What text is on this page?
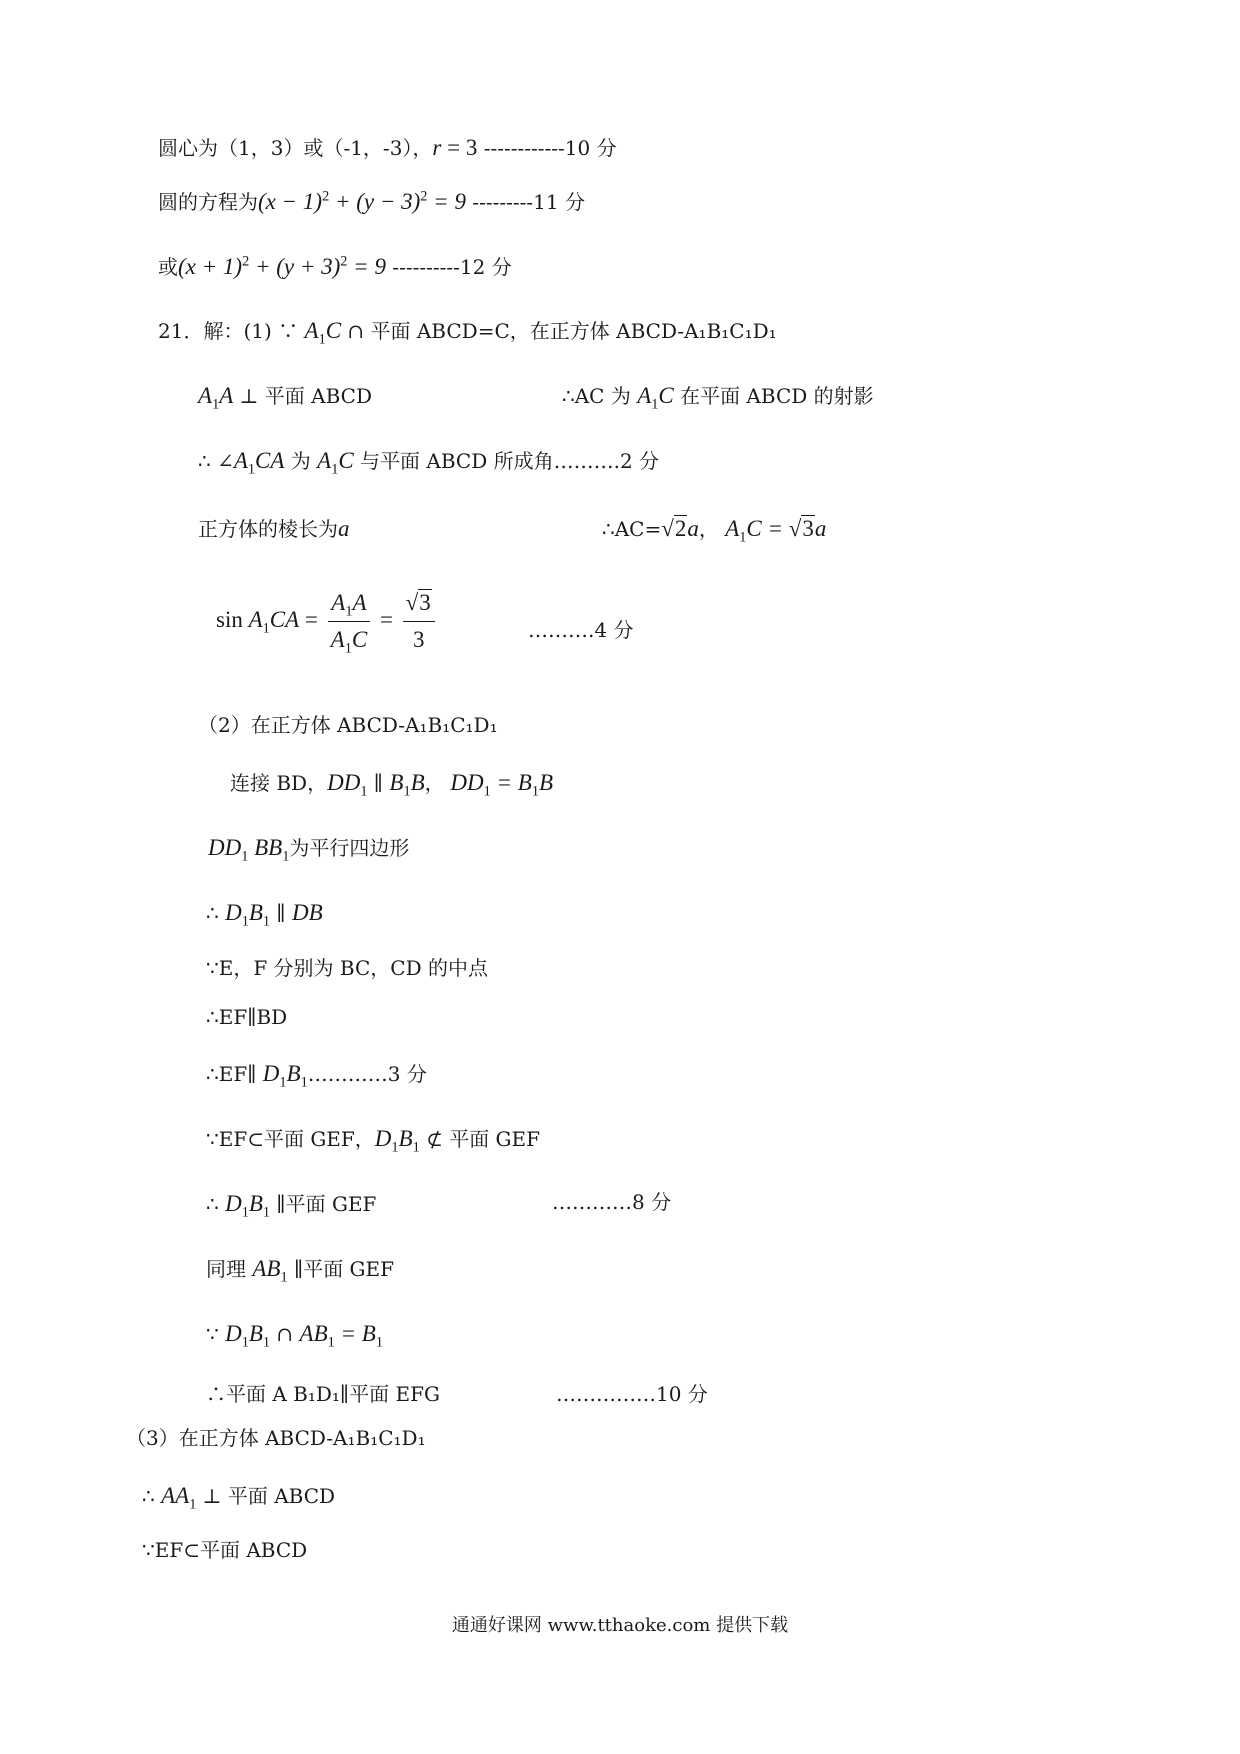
圆心为（1，3）或（-1，-3），r = 3 ------------10 分
圆的方程为$(x - 1)^2 + (y - 3)^2 = 9$ ---------11 分
或$(x + 1)^2 + (y + 3)^2 = 9$ ----------12 分
21．解：(1) ∵ $A_1C$ ∩ 平面 ABCD=C，在正方体 ABCD-A₁B₁C₁D₁
$A_1A$ ⊥ 平面 ABCD	∴AC 为 $A_1C$ 在平面 ABCD 的射影
∴ $\angle A_1CA$ 为 $A_1C$ 与平面 ABCD 所成角……….2 分
正方体的棱长为a	∴AC=√2a， $A_1C = √3a$
$\sin A_1CA = \frac{A_1A}{A_1C} = \frac{√3}{3}$	……….4 分
（2）在正方体 ABCD-A₁B₁C₁D₁
连接 BD，$DD_1$ ∥ $B_1B$， $DD_1 = B_1B$
$DD_1$ $BB_1$为平行四边形
∴ $D_1B_1$ ∥ DB
∵E，F 分别为 BC，CD 的中点
∴EF∥BD
∴EF∥ $D_1B_1\dots\dots\dots\dots 3$ 分
∵EF⊂平面 GEF，$D_1B_1$ ⊄ 平面 GEF
∴ $D_1B_1$ ∥平面 GEF	…………8 分
同理 $AB_1$ ∥平面 GEF
∵ $D_1B_1$ ∩ $AB_1 = B_1$
∴平面 A B₁D₁∥平面 EFG	……………10 分
（3）在正方体 ABCD-A₁B₁C₁D₁
∴ $AA_1$ ⊥ 平面 ABCD
∵EF⊂平面 ABCD
通通好课网 www.tthaoke.com 提供下载
